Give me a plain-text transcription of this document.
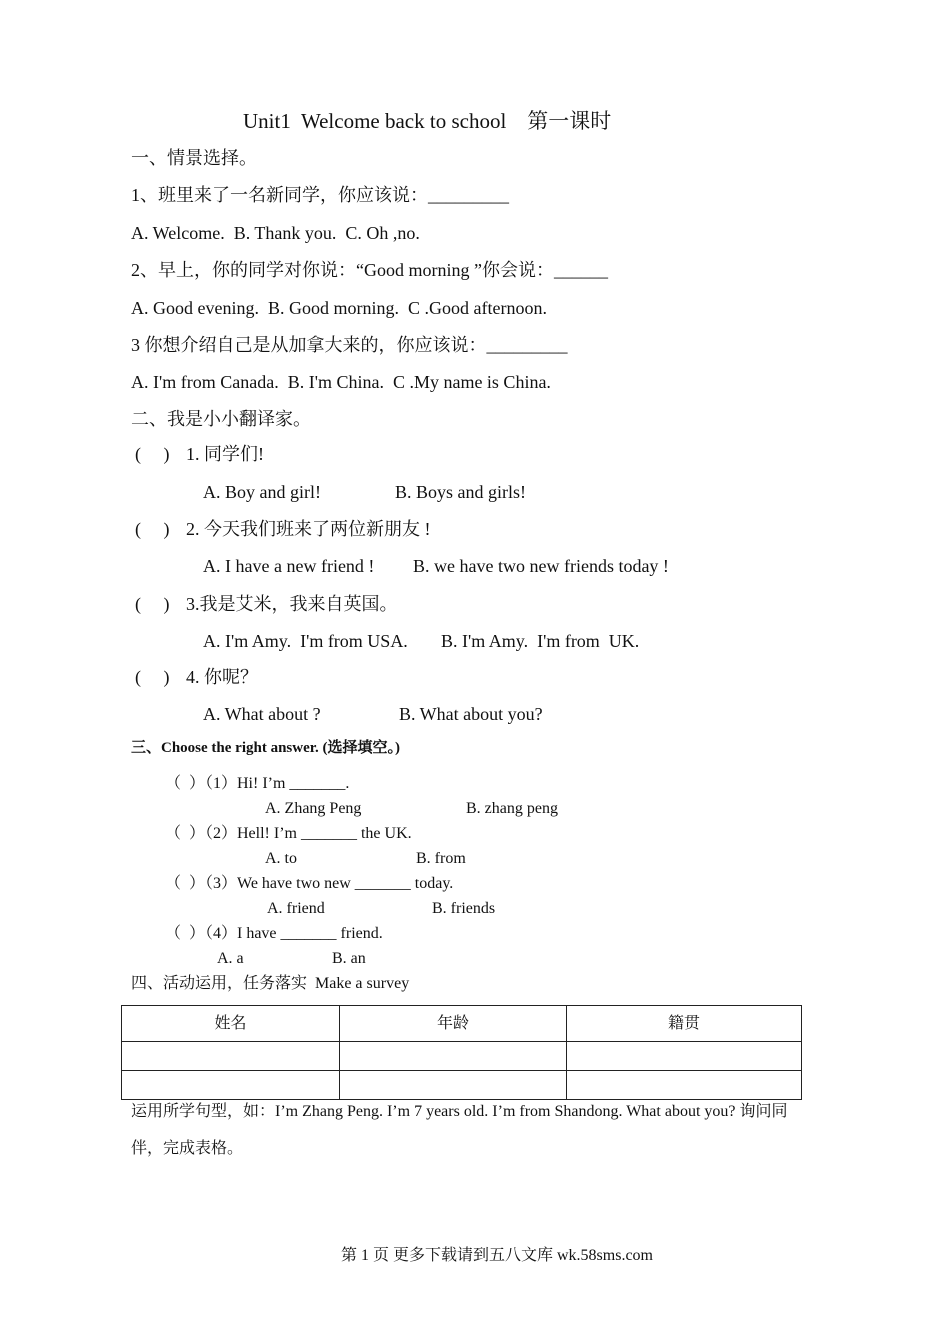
Unit1  Welcome back to school    第一课时
一、情景选择。
1、班里来了一名新同学，你应该说：_________
A. Welcome.  B. Thank you.  C. Oh ,no.
2、早上，你的同学对你说：“Good morning ”你会说：______
A. Good evening.  B. Good morning.  C .Good afternoon.
3 你想介绍自己是从加拿大来的，你应该说：_________
A. I'm from Canada.  B. I'm China.  C .My name is China.
二、我是小小翻译家。
(     ) 1. 同学们!
A. Boy and girl!	B. Boys and girls!
(     ) 2. 今天我们班来了两位新朋友 !
A. I have a new friend ! B. we have two new friends today !
(     ) 3.我是艾米，我来自英国。
A. I'm Amy.  I'm from USA. B. I'm Amy.  I'm from  UK.
(     ) 4. 你呢？
A. What about ?	B. What about you?
三、Choose the right answer. (选择填空。)
（  ）（1）Hi! I’m _______.
A. Zhang Peng	B. zhang peng
（  ）（2）Hell! I’m _______ the UK.
A. to	B. from
（  ）（3）We have two new _______ today.
A. friend	B. friends
（  ）（4）I have _______ friend.
A. a	B. an
四、活动运用，任务落实  Make a survey
姓名	年龄	籍贯

运用所学句型，如：I’m Zhang Peng. I’m 7 years old. I’m from Shandong. What about you? 询问同
伴，完成表格。
第 1 页 更多下载请到五八文库 wk.58sms.com
